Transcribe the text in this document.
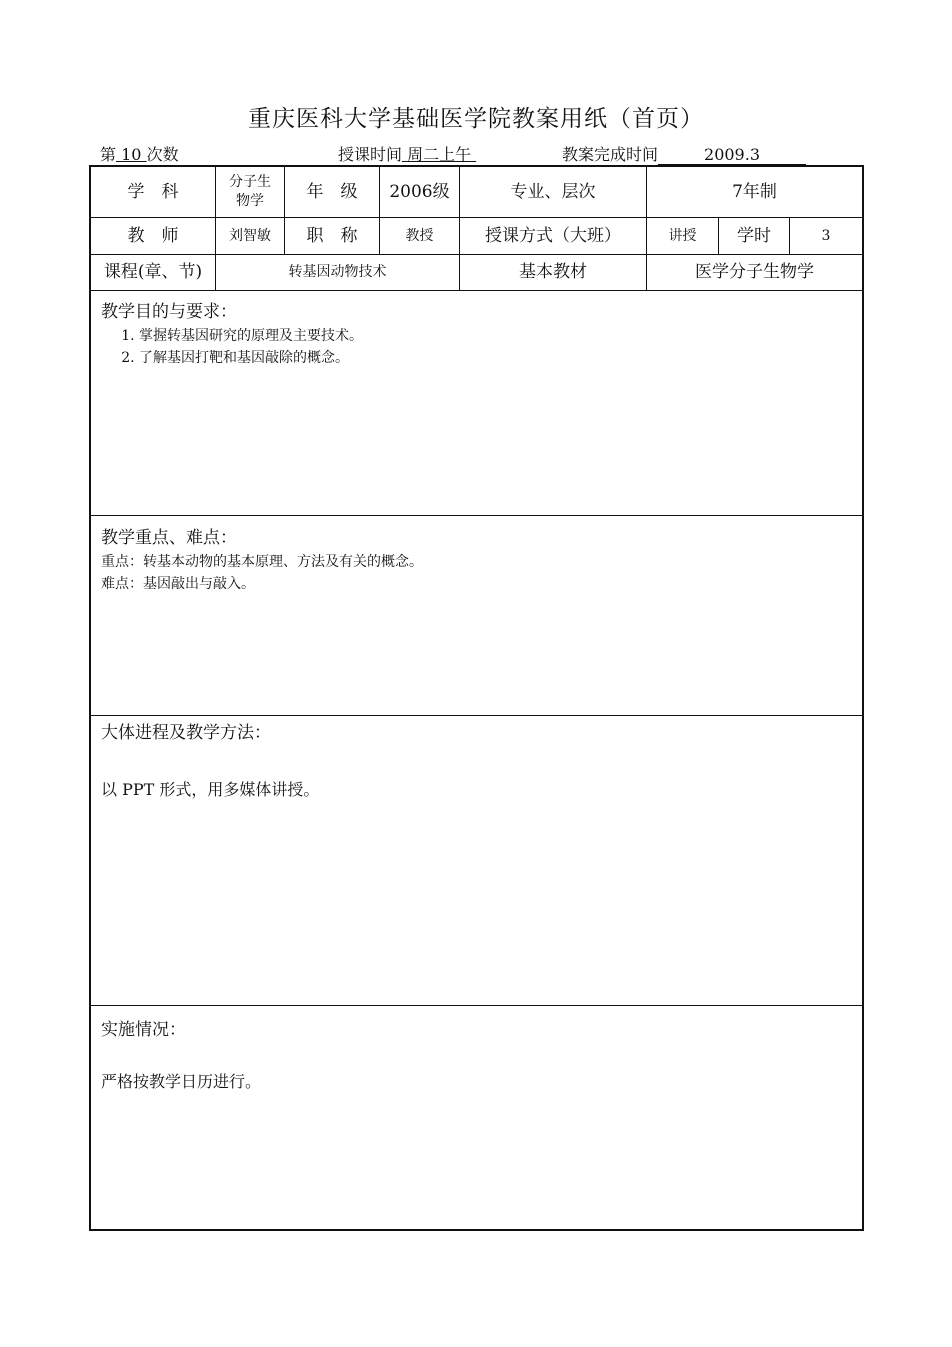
重庆医科大学基础医学院教案用纸（首页）
第 10 次数	授课时间 周二上午	教案完成时间	2009.3
学　科	分子生物学	年　级	2006级	专业、层次	7年制
教　师	刘智敏	职　称	教授	授课方式（大班）	讲授	学时	3
课程(章、节)	转基因动物技术	基本教材	医学分子生物学
教学目的与要求：
1. 掌握转基因研究的原理及主要技术。
2. 了解基因打靶和基因敲除的概念。
教学重点、难点：
重点：转基本动物的基本原理、方法及有关的概念。
难点：基因敲出与敲入。
大体进程及教学方法：
以 PPT 形式，用多媒体讲授。
实施情况：
严格按教学日历进行。
